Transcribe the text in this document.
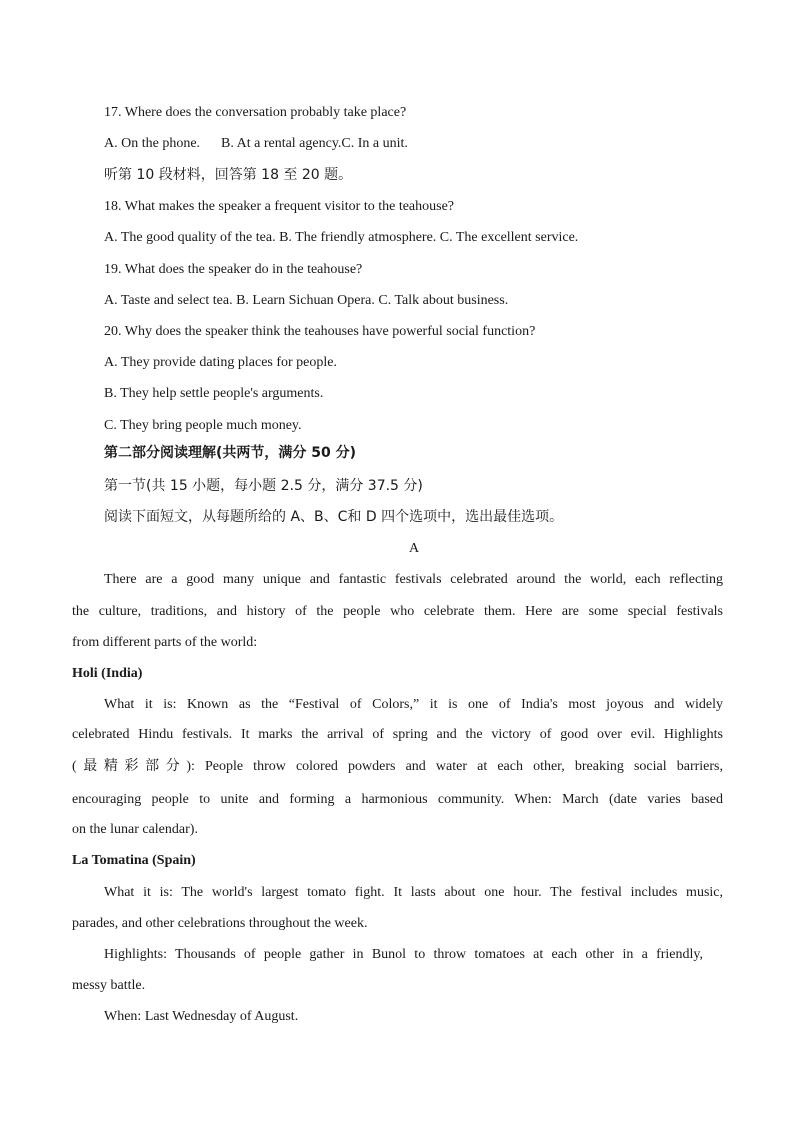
17. Where does the conversation probably take place?
A. On the phone.      B. At a rental agency.C. In a unit.
听第 10 段材料，回答第 18 至 20 题。
18. What makes the speaker a frequent visitor to the teahouse?
A. The good quality of the tea. B. The friendly atmosphere. C. The excellent service.
19. What does the speaker do in the teahouse?
A. Taste and select tea. B. Learn Sichuan Opera. C. Talk about business.
20. Why does the speaker think the teahouses have powerful social function?
A. They provide dating places for people.
B. They help settle people's arguments.
C. They bring people much money.
第二部分阅读理解(共两节，满分 50 分)
第一节(共 15 小题，每小题 2.5 分，满分 37.5 分)
阅读下面短文，从每题所给的 A、B、C和 D 四个选项中，选出最佳选项。
A
There are a good many unique and fantastic festivals celebrated around the world, each reflecting
the culture, traditions, and history of the people who celebrate them. Here are some special festivals
from different parts of the world:
Holi (India)
What it is: Known as the “Festival of Colors,” it is one of India's most joyous and widely
celebrated Hindu festivals. It marks the arrival of spring and the victory of good over evil. Highlights
(最精彩部分): People throw colored powders and water at each other, breaking social barriers,
encouraging people to unite and forming a harmonious community. When: March (date varies based
on the lunar calendar).
La Tomatina (Spain)
What it is: The world's largest tomato fight. It lasts about one hour. The festival includes music,
parades, and other celebrations throughout the week.
Highlights: Thousands of people gather in Bunol to throw tomatoes at each other in a friendly,
messy battle.
When: Last Wednesday of August.
